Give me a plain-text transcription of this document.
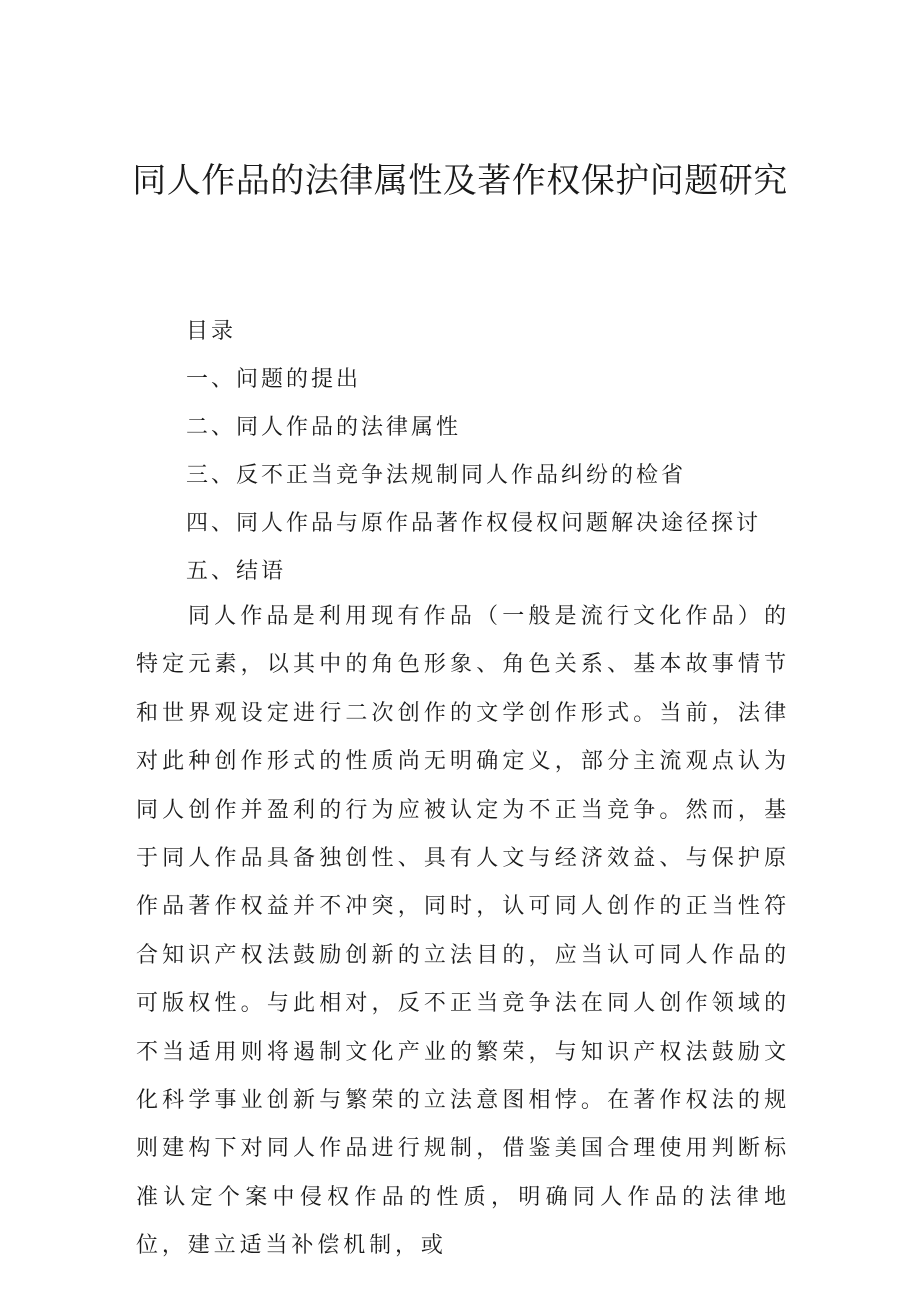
同人作品的法律属性及著作权保护问题研究
目录
一、问题的提出
二、同人作品的法律属性
三、反不正当竞争法规制同人作品纠纷的检省
四、同人作品与原作品著作权侵权问题解决途径探讨
五、结语

同人作品是利用现有作品（一般是流行文化作品）的特定元素，以其中的角色形象、角色关系、基本故事情节和世界观设定进行二次创作的文学创作形式。当前，法律对此种创作形式的性质尚无明确定义，部分主流观点认为同人创作并盈利的行为应被认定为不正当竞争。然而，基于同人作品具备独创性、具有人文与经济效益、与保护原作品著作权益并不冲突，同时，认可同人创作的正当性符合知识产权法鼓励创新的立法目的，应当认可同人作品的可版权性。与此相对，反不正当竞争法在同人创作领域的不当适用则将遏制文化产业的繁荣，与知识产权法鼓励文化科学事业创新与繁荣的立法意图相悖。在著作权法的规则建构下对同人作品进行规制，借鉴美国合理使用判断标准认定个案中侵权作品的性质，明确同人作品的法律地位，建立适当补偿机制，或
